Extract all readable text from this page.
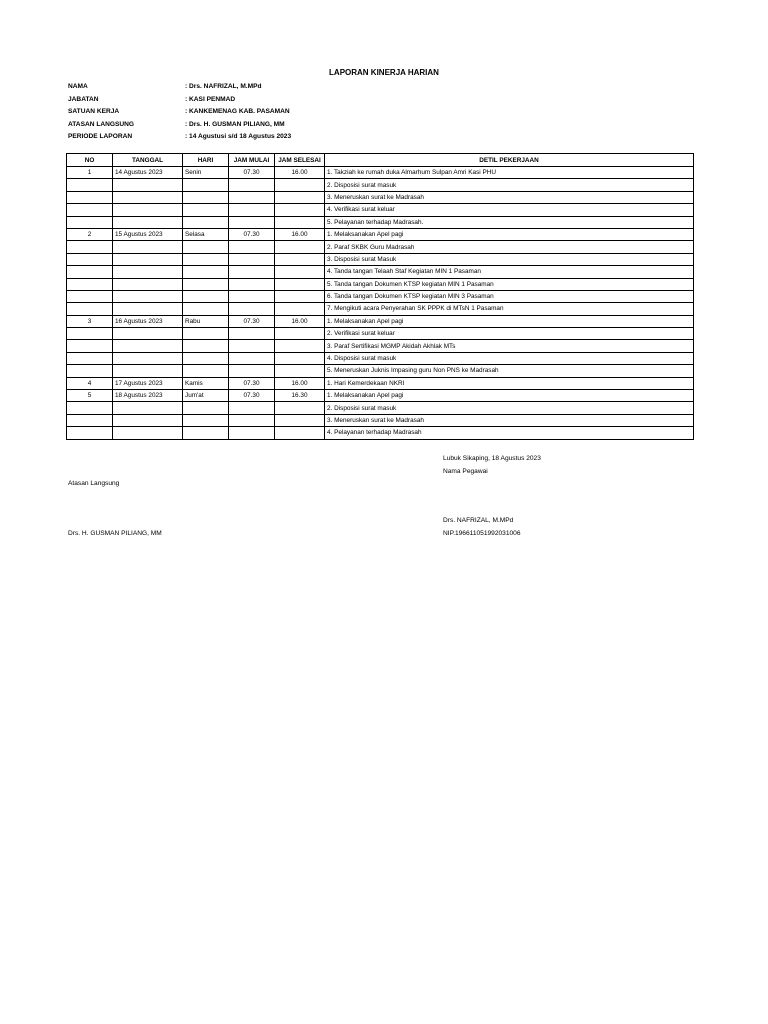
LAPORAN KINERJA HARIAN
NAMA	: Drs. NAFRIZAL, M.MPd
JABATAN	: KASI PENMAD
SATUAN KERJA	: KANKEMENAG KAB. PASAMAN
ATASAN LANGSUNG	: Drs. H. GUSMAN PILIANG, MM
PERIODE LAPORAN	: 14 Agustusi s/d 18 Agustus 2023
NO	TANGGAL	HARI	JAM MULAI	JAM SELESAI	DETIL PEKERJAAN
1	14 Agustus 2023	Senin	07.30	16.00	1. Takziah ke rumah duka Almarhum Sulpan Amri Kasi PHU
					2. Disposisi surat masuk
					3. Meneruskan surat ke Madrasah
					4. Verifikasi surat keluar
					5. Pelayanan terhadap Madrasah.
2	15 Agustus 2023	Selasa	07.30	16.00	1. Melaksanakan Apel pagi
					2. Paraf SKBK Guru Madrasah
					3. Disposisi surat Masuk
					4. Tanda tangan Telaah Staf Kegiatan MIN 1 Pasaman
					5. Tanda tangan Dokumen KTSP kegiatan MIN 1 Pasaman
					6. Tanda tangan Dokumen KTSP kegiatan MIN 3 Pasaman
					7. Mengikuti acara Penyerahan SK PPPK di MTsN 1 Pasaman
3	16 Agustus 2023	Rabu	07.30	16.00	1. Melaksanakan Apel pagi
					2. Verifikasi surat keluar
					3. Paraf Sertifikasi MGMP Akidah Akhlak MTs
					4. Disposisi surat masuk
					5. Meneruskan Juknis Impasing guru Non PNS ke Madrasah
4	17 Agustus 2023	Kamis	07.30	16.00	1. Hari Kemerdekaan NKRI
5	18 Agustus 2023	Jum'at	07.30	16.30	1. Melaksanakan Apel pagi
					2. Disposisi surat masuk
					3. Meneruskan surat ke Madrasah
					4. Pelayanan terhadap Madrasah
Lubuk Sikaping, 18 Agustus 2023
Nama Pegawai
Atasan Langsung
Drs. NAFRIZAL, M.MPd
Drs. H. GUSMAN PILIANG, MM	NIP.196611051992031006
